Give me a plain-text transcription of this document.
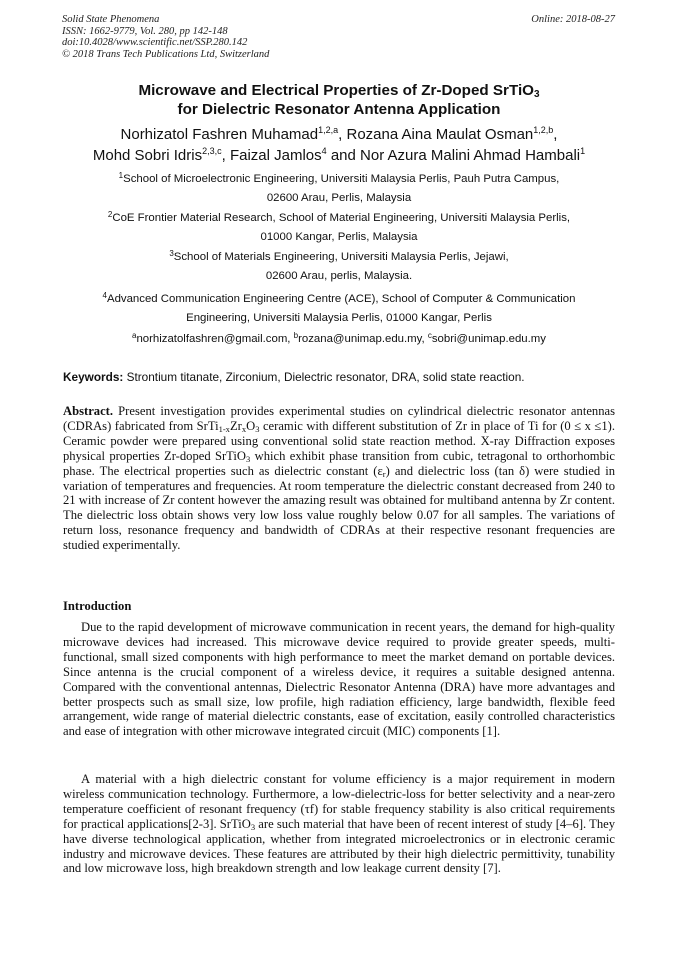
Solid State Phenomena
ISSN: 1662-9779, Vol. 280, pp 142-148
doi:10.4028/www.scientific.net/SSP.280.142
© 2018 Trans Tech Publications Ltd, Switzerland
Online: 2018-08-27
Microwave and Electrical Properties of Zr-Doped SrTiO$_3$
for Dielectric Resonator Antenna Application
Norhizatol Fashren Muhamad$^{1,2,a}$, Rozana Aina Maulat Osman$^{1,2,b}$,
Mohd Sobri Idris$^{2,3,c}$, Faizal Jamlos$^4$ and Nor Azura Malini Ahmad Hambali$^1$
$^1$School of Microelectronic Engineering, Universiti Malaysia Perlis, Pauh Putra Campus,
02600 Arau, Perlis, Malaysia
$^2$CoE Frontier Material Research, School of Material Engineering, Universiti Malaysia Perlis,
01000 Kangar, Perlis, Malaysia
$^3$School of Materials Engineering, Universiti Malaysia Perlis, Jejawi,
02600 Arau, perlis, Malaysia.
$^4$Advanced Communication Engineering Centre (ACE), School of Computer & Communication
Engineering, Universiti Malaysia Perlis, 01000 Kangar, Perlis
$^a$norhizatolfashren@gmail.com, $^b$rozana@unimap.edu.my, $^c$sobri@unimap.edu.my
Keywords: Strontium titanate, Zirconium, Dielectric resonator, DRA, solid state reaction.
Abstract. Present investigation provides experimental studies on cylindrical dielectric resonator antennas (CDRAs) fabricated from $SrTi_{1-x}Zr_xO_3$ ceramic with different substitution of Zr in place of Ti for (0 ≤ x ≤1). Ceramic powder were prepared using conventional solid state reaction method. X-ray Diffraction exposes physical properties Zr-doped SrTiO$_3$ which exhibit phase transition from cubic, tetragonal to orthorhombic phase. The electrical properties such as dielectric constant $(\varepsilon_r)$ and dielectric loss (tan δ) were studied in variation of temperatures and frequencies. At room temperature the dielectric constant decreased from 240 to 21 with increase of Zr content however the amazing result was obtained for multiband antenna by Zr content. The dielectric loss obtain shows very low loss value roughly below 0.07 for all samples. The variations of return loss, resonance frequency and bandwidth of CDRAs at their respective resonant frequencies are studied experimentally.
Introduction
Due to the rapid development of microwave communication in recent years, the demand for high-quality microwave devices had increased. This microwave device required to provide greater speeds, multi-functional, small sized components with high performance to meet the market demand on portable devices. Since antenna is the crucial component of a wireless device, it requires a suitable designed antenna. Compared with the conventional antennas, Dielectric Resonator Antenna (DRA) have more advantages and better prospects such as small size, low profile, high radiation efficiency, large bandwidth, flexible feed arrangement, wide range of material dielectric constants, ease of excitation, easily controlled characteristics and ease of integration with other microwave integrated circuit (MIC) components [1].
A material with a high dielectric constant for volume efficiency is a major requirement in modern wireless communication technology. Furthermore, a low-dielectric-loss for better selectivity and a near-zero temperature coefficient of resonant frequency (τf) for stable frequency stability is also critical requirements for practical applications[2-3]. SrTiO$_3$ are such material that have been of recent interest of study [4–6]. They have diverse technological application, whether from integrated microelectronics or in electronic ceramic industry and microwave devices. These features are attributed by their high dielectric permittivity, tunability and low microwave loss, high breakdown strength and low leakage current density [7].
